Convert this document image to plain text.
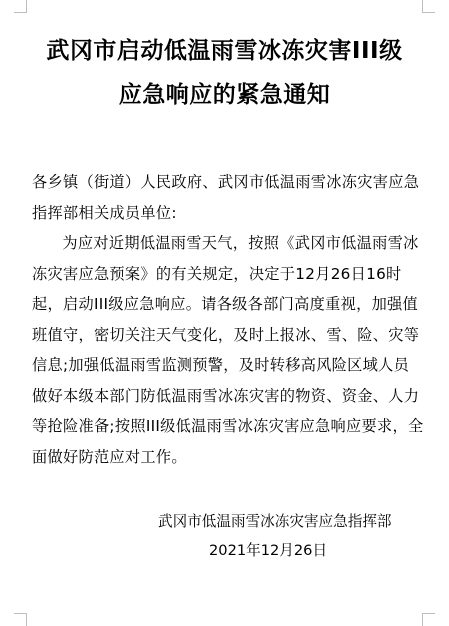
武冈市启动低温雨雪冰冻灾害III级
应急响应的紧急通知
各乡镇（街道）人民政府、武冈市低温雨雪冰冻灾害应急指挥部相关成员单位:
为应对近期低温雨雪天气，按照《武冈市低温雨雪冰冻灾害应急预案》的有关规定，决定于12月26日16时起，启动III级应急响应。请各级各部门高度重视，加强值班值守，密切关注天气变化，及时上报冰、雪、险、灾等信息;加强低温雨雪监测预警，及时转移高风险区域人员做好本级本部门防低温雨雪冰冻灾害的物资、资金、人力等抢险准备;按照III级低温雨雪冰冻灾害应急响应要求，全面做好防范应对工作。
武冈市低温雨雪冰冻灾害应急指挥部
2021年12月26日
